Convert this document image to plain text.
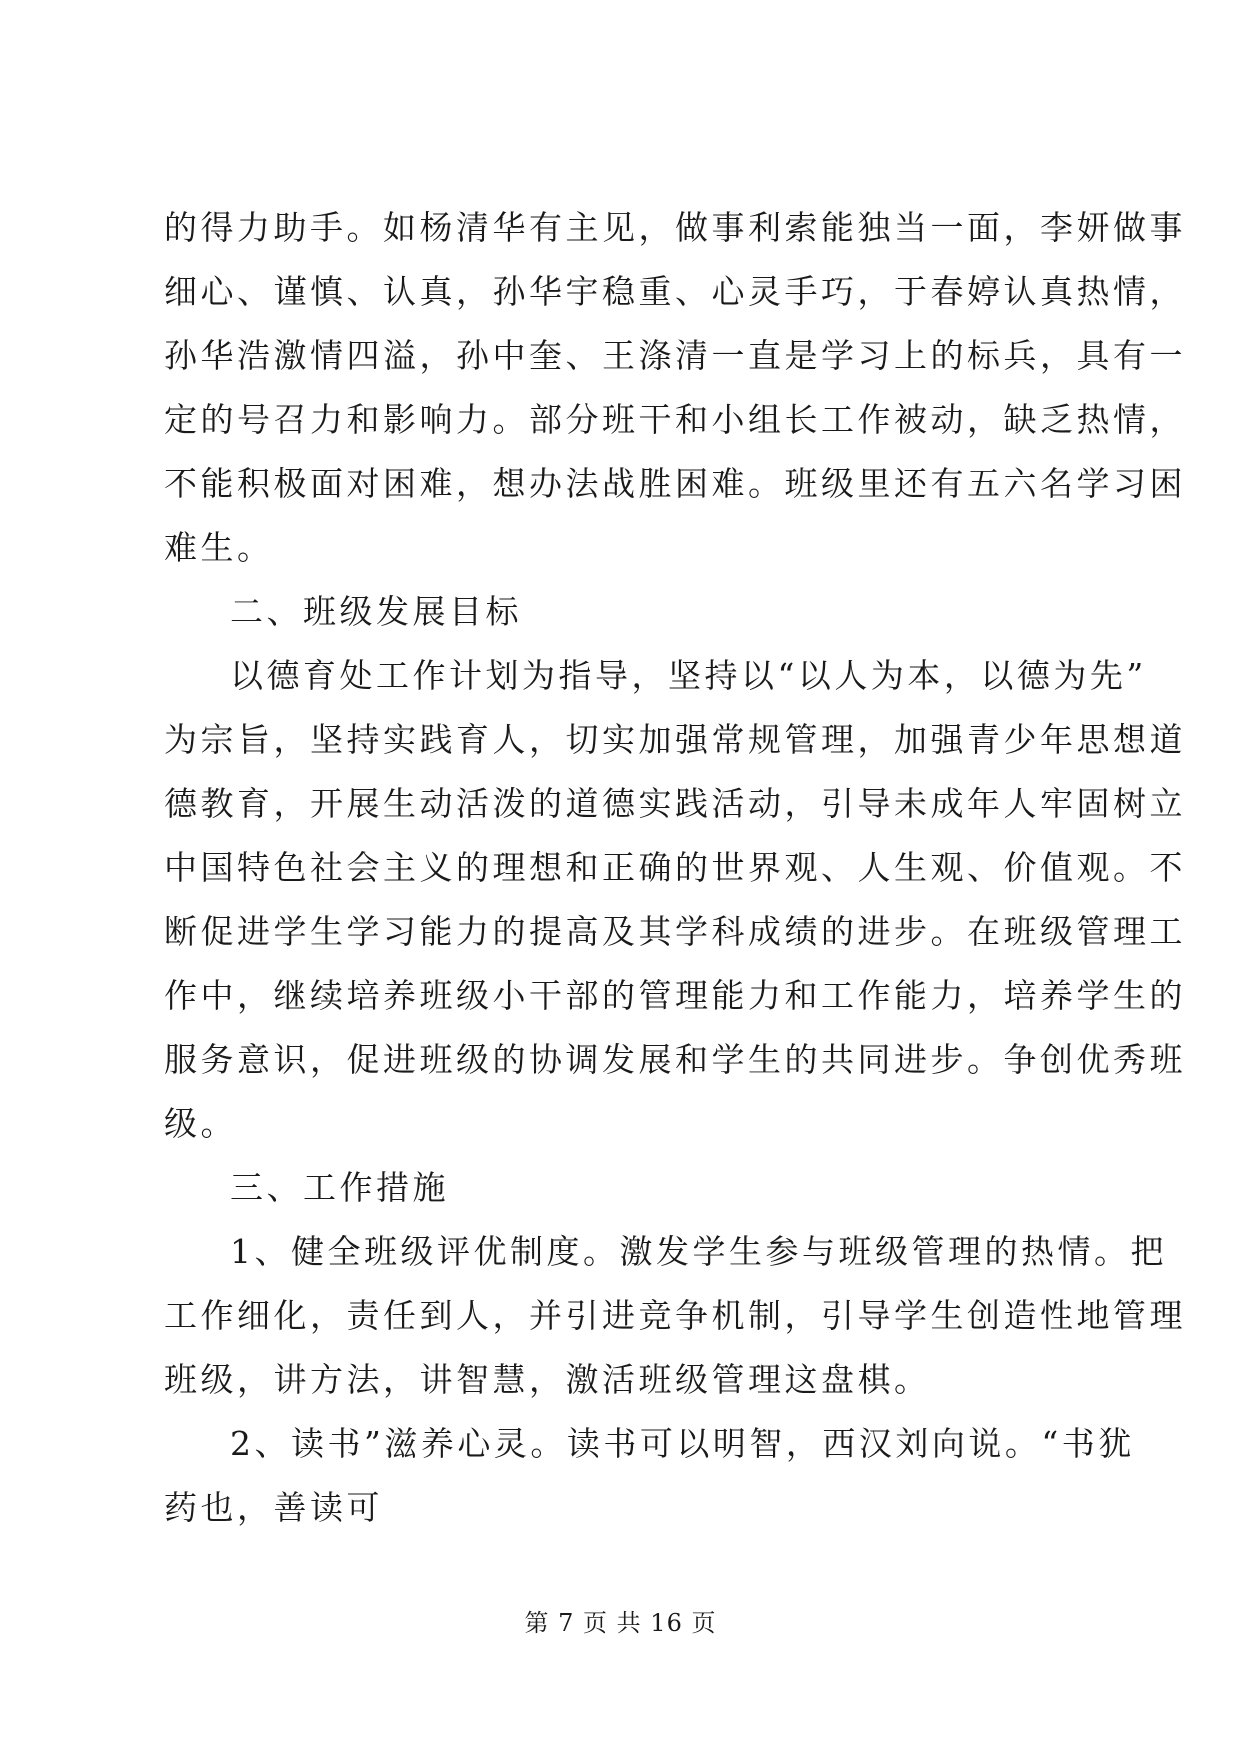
的得力助手。如杨清华有主见，做事利索能独当一面，李妍做事
细心、谨慎、认真，孙华宇稳重、心灵手巧，于春婷认真热情，
孙华浩激情四溢，孙中奎、王涤清一直是学习上的标兵，具有一
定的号召力和影响力。部分班干和小组长工作被动，缺乏热情，
不能积极面对困难，想办法战胜困难。班级里还有五六名学习困
难生。
二、班级发展目标
以德育处工作计划为指导，坚持以“以人为本，以德为先”
为宗旨，坚持实践育人，切实加强常规管理，加强青少年思想道
德教育，开展生动活泼的道德实践活动，引导未成年人牢固树立
中国特色社会主义的理想和正确的世界观、人生观、价值观。不
断促进学生学习能力的提高及其学科成绩的进步。在班级管理工
作中，继续培养班级小干部的管理能力和工作能力，培养学生的
服务意识，促进班级的协调发展和学生的共同进步。争创优秀班
级。
三、工作措施
1、健全班级评优制度。激发学生参与班级管理的热情。把
工作细化，责任到人，并引进竞争机制，引导学生创造性地管理
班级，讲方法，讲智慧，激活班级管理这盘棋。
2、读书”滋养心灵。读书可以明智，西汉刘向说。“书犹
药也，善读可
第 7 页 共 16 页
